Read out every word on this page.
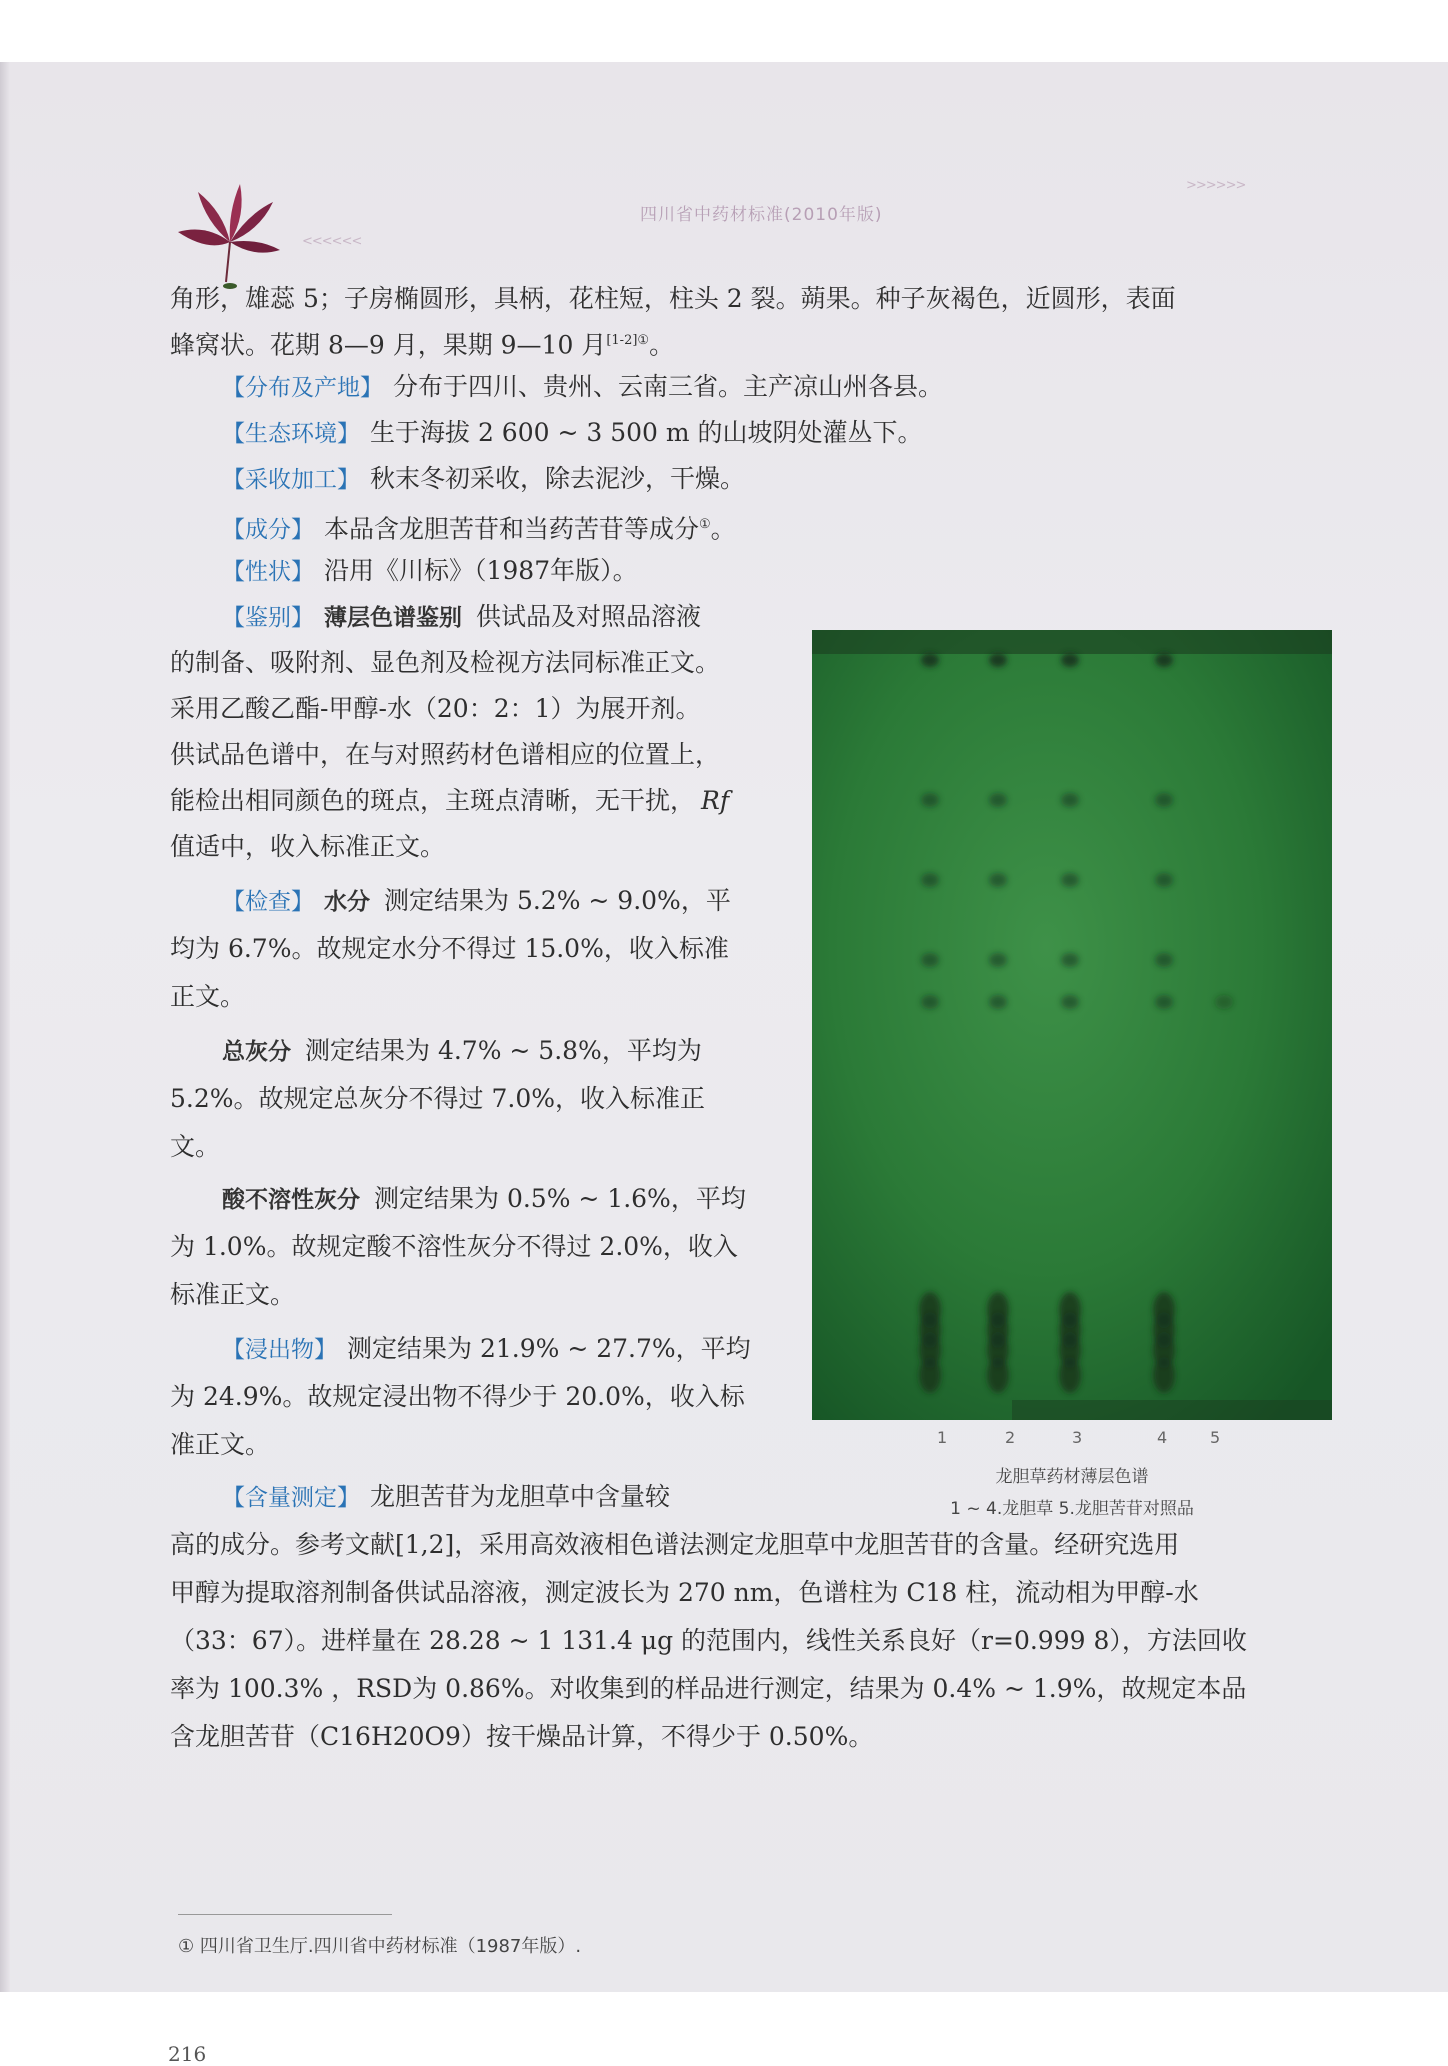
四川省中药材标准(2010年版)
<<<<<<
>>>>>>

角形，雄蕊 5；子房椭圆形，具柄，花柱短，柱头 2 裂。蒴果。种子灰褐色，近圆形，表面

蜂窝状。花期 8—9 月，果期 9—10 月$^{[1-2]①}$。

【分布及产地】 分布于四川、贵州、云南三省。主产凉山州各县。

【生态环境】 生于海拔 2 600 ~ 3 500 m 的山坡阴处灌丛下。

【采收加工】 秋末冬初采收，除去泥沙，干燥。

【成分】 本品含龙胆苦苷和当药苦苷等成分①。

【性状】 沿用《川标》（1987年版）。

【鉴别】 薄层色谱鉴别 供试品及对照品溶液

的制备、吸附剂、显色剂及检视方法同标准正文。

采用乙酸乙酯-甲醇-水（20：2：1）为展开剂。

供试品色谱中，在与对照药材色谱相应的位置上，

能检出相同颜色的斑点，主斑点清晰，无干扰， Rf

值适中，收入标准正文。

【检查】 水分 测定结果为 5.2% ~ 9.0%，平

均为 6.7%。故规定水分不得过 15.0%，收入标准

正文。

总灰分 测定结果为 4.7% ~ 5.8%，平均为

5.2%。故规定总灰分不得过 7.0%，收入标准正

文。

酸不溶性灰分 测定结果为 0.5% ~ 1.6%，平均

为 1.0%。故规定酸不溶性灰分不得过 2.0%，收入

标准正文。

【浸出物】 测定结果为 21.9% ~ 27.7%，平均

为 24.9%。故规定浸出物不得少于 20.0%，收入标

准正文。

【含量测定】 龙胆苦苷为龙胆草中含量较

高的成分。参考文献[1,2]，采用高效液相色谱法测定龙胆草中龙胆苦苷的含量。经研究选用

甲醇为提取溶剂制备供试品溶液，测定波长为 270 nm，色谱柱为 C18 柱，流动相为甲醇-水

（33：67）。进样量在 28.28 ~ 1 131.4 μg 的范围内，线性关系良好（r=0.999 8），方法回收

率为 100.3% ，RSD为 0.86%。对收集到的样品进行测定，结果为 0.4% ~ 1.9%，故规定本品

含龙胆苦苷（C16H20O9）按干燥品计算，不得少于 0.50%。

1	2	3	4	5
龙胆草药材薄层色谱
1 ~ 4.龙胆草 5.龙胆苦苷对照品
① 四川省卫生厅.四川省中药材标准（1987年版）.
216
